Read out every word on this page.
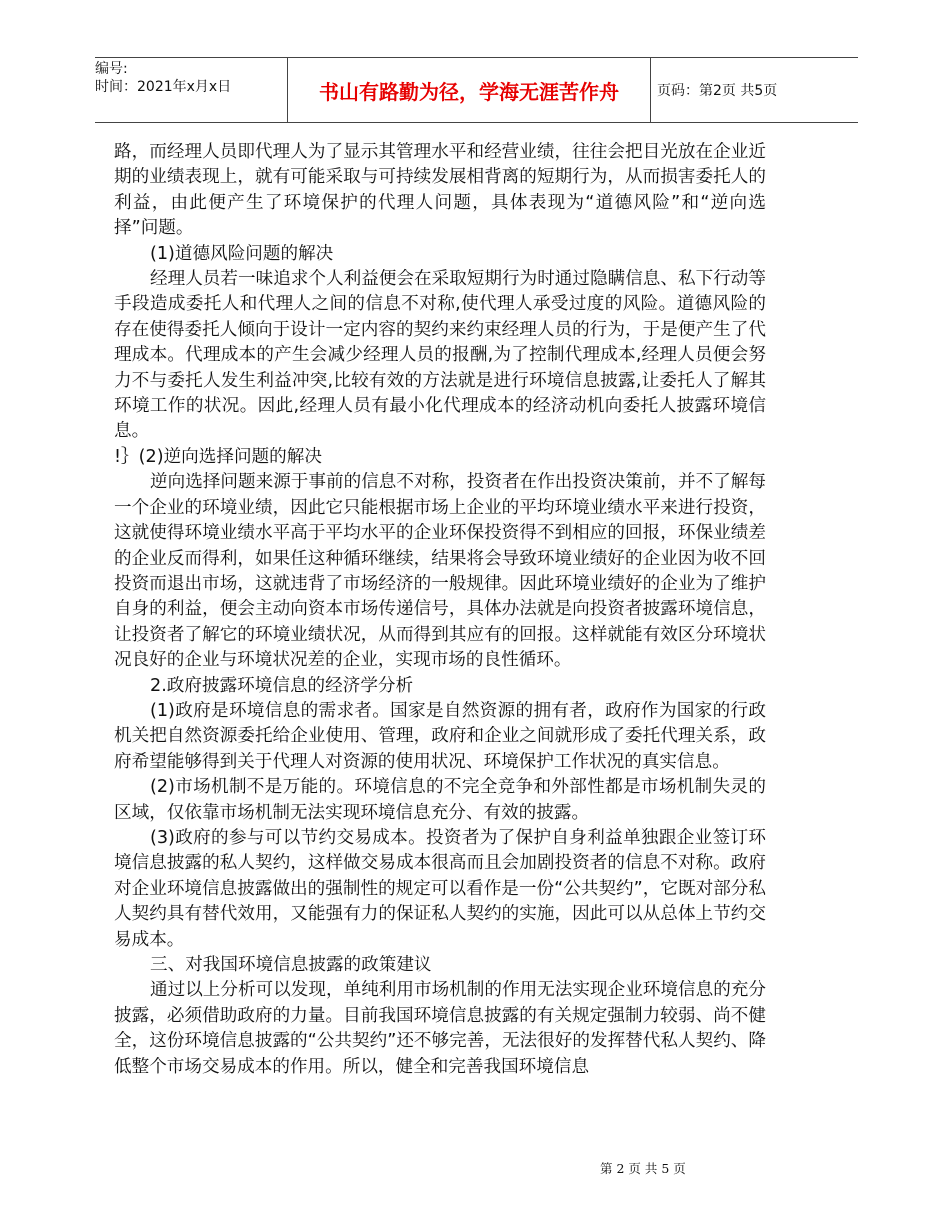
编号:
时间：2021年x月x日	书山有路勤为径，学海无涯苦作舟	页码：第2页 共5页

路，而经理人员即代理人为了显示其管理水平和经营业绩，往往会把目光放在企业近期的业绩表现上，就有可能采取与可持续发展相背离的短期行为，从而损害委托人的利益，由此便产生了环境保护的代理人问题，具体表现为“道德风险”和“逆向选择”问题。

(1)道德风险问题的解决

经理人员若一味追求个人利益便会在采取短期行为时通过隐瞒信息、私下行动等手段造成委托人和代理人之间的信息不对称,使代理人承受过度的风险。道德风险的存在使得委托人倾向于设计一定内容的契约来约束经理人员的行为，于是便产生了代理成本。代理成本的产生会减少经理人员的报酬,为了控制代理成本,经理人员便会努力不与委托人发生利益冲突,比较有效的方法就是进行环境信息披露,让委托人了解其环境工作的状况。因此,经理人员有最小化代理成本的经济动机向委托人披露环境信息。

!｝(2)逆向选择问题的解决

逆向选择问题来源于事前的信息不对称，投资者在作出投资决策前，并不了解每一个企业的环境业绩，因此它只能根据市场上企业的平均环境业绩水平来进行投资，这就使得环境业绩水平高于平均水平的企业环保投资得不到相应的回报，环保业绩差的企业反而得利，如果任这种循环继续，结果将会导致环境业绩好的企业因为收不回投资而退出市场，这就违背了市场经济的一般规律。因此环境业绩好的企业为了维护自身的利益，便会主动向资本市场传递信号，具体办法就是向投资者披露环境信息，让投资者了解它的环境业绩状况，从而得到其应有的回报。这样就能有效区分环境状况良好的企业与环境状况差的企业，实现市场的良性循环。

2.政府披露环境信息的经济学分析

(1)政府是环境信息的需求者。国家是自然资源的拥有者，政府作为国家的行政机关把自然资源委托给企业使用、管理，政府和企业之间就形成了委托代理关系，政府希望能够得到关于代理人对资源的使用状况、环境保护工作状况的真实信息。

(2)市场机制不是万能的。环境信息的不完全竞争和外部性都是市场机制失灵的区域，仅依靠市场机制无法实现环境信息充分、有效的披露。

(3)政府的参与可以节约交易成本。投资者为了保护自身利益单独跟企业签订环境信息披露的私人契约，这样做交易成本很高而且会加剧投资者的信息不对称。政府对企业环境信息披露做出的强制性的规定可以看作是一份“公共契约”，它既对部分私人契约具有替代效用，又能强有力的保证私人契约的实施，因此可以从总体上节约交易成本。

三、对我国环境信息披露的政策建议

通过以上分析可以发现，单纯利用市场机制的作用无法实现企业环境信息的充分披露，必须借助政府的力量。目前我国环境信息披露的有关规定强制力较弱、尚不健全，这份环境信息披露的“公共契约”还不够完善，无法很好的发挥替代私人契约、降低整个市场交易成本的作用。所以，健全和完善我国环境信息

第 2 页 共 5 页
